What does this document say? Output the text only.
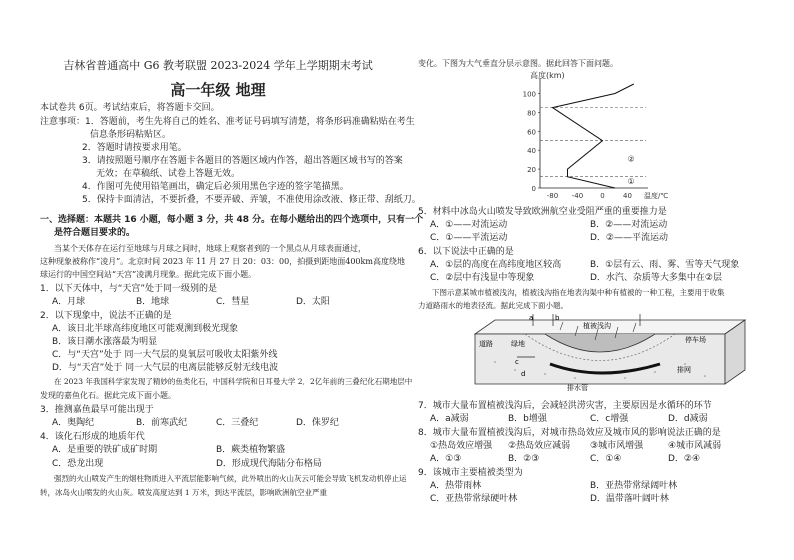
吉林省普通高中 G6 教考联盟 2023-2024 学年上学期期末考试
高一年级 地理
本试卷共 6页。考试结束后，将答题卡交回。
注意事项：1．答题前，考生先将自己的姓名、准考证号码填写清楚，将条形码准确粘贴在考生
信息条形码粘贴区。
2．答题时请按要求用笔。
3．请按照题号顺序在答题卡各题目的答题区域内作答，超出答题区域书写的答案
无效；在草稿纸、试卷上答题无效。
4．作图可先使用铅笔画出，确定后必须用黑色字迹的签字笔描黑。
5．保持卡面清洁，不要折叠，不要弄破、弄皱，不准使用涂改液、修正带、刮纸刀。
一、选择题：本题共 16 小题，每小题 3 分，共 48 分。在每小题给出的四个选项中，只有一个
是符合题目要求的。
当某个天体存在运行至地球与月球之间时，地球上观察者到的一个黑点从月球表面通过，
这种现象被称作“凌月”。北京时间 2023 年 11 月 27 日 20：03：00，拍摄到距地面400km高度绕地
球运行的中国空间站“天宫”凌满月现象。据此完成下面小题。
1．以下天体中，与“天宫”处于同一级别的是
A．月球	B．地球	C．彗星	D．太阳
2．以下现象中，说法不正确的是
A．该日北半球高纬度地区可能观测到极光现象
B．该日潮水涨落最为明显
C．与“天宫”处于 同一大气层的臭氧层可吸收太阳紫外线
D．与“天宫”处于 同一大气层的电离层能够反射无线电波
在 2023 年我国科学家发现了精妙的鱼类化石，中国科学院和日耳曼大学 2．2亿年前的三叠纪化石期地层中
发现的嘉鱼化石。据此完成下面小题。
3．推测嘉鱼最早可能出现于
A．奥陶纪	B．前寒武纪	C．三叠纪	D．侏罗纪
4．该化石形成的地质年代
A．是重要的铁矿成矿时期	B．蕨类植物繁盛
C．恐龙出现	D．形成现代海陆分布格局
强烈的火山喷发产生的烟柱物质进入平流层能影响气候，此外喷出的火山灰云可能会导致飞机发动机停止运
转，冰岛火山喷发的火山灰。喷发高度达到 1 万米，到达平流层，影响欧洲航空业严重
变化。下图为大气垂直分层示意图。据此回答下面问题。
高度(km)
0
20
40
60
80
100
-80 -40 0	40 温度/℃
①
②
5．材料中冰岛火山喷发导致欧洲航空业受阻严重的重要推力是
A．①——对流运动	B．②——对流运动
C．①——平流运动	D．②——平流运动
6．以下说法中正确的是
A．①层的高度在高纬度地区较高	B．①层有云、雨、雾、雪等天气现象
C．②层中有浅显中等现象	D．水汽、杂质等大多集中在②层
下图示意某城市植被浅沟，植被浅沟指在地表沟渠中种有植被的一种工程，主要用于收集
力道路雨水的地表径流。据此完成下面小题。
道路	绿地
植被浅沟
停车场
排水管
排网
a	b
c
d
7．城市大量布置植被浅沟后，会减轻洪涝灾害，主要原因是水循环的环节
A．a减弱	B．b增强	C．c增强	D．d减弱
8．城市大量布置植被浅沟后，对城市热岛效应及城市风的影响说法正确的是
①热岛效应增强 ②热岛效应减弱 ③城市风增强	④城市风减弱
A．①③	B．②③	C．①④	D．②④
9．该城市主要植被类型为
A．热带雨林	B．亚热带常绿阔叶林
C．亚热带常绿硬叶林	D．温带落叶阔叶林
